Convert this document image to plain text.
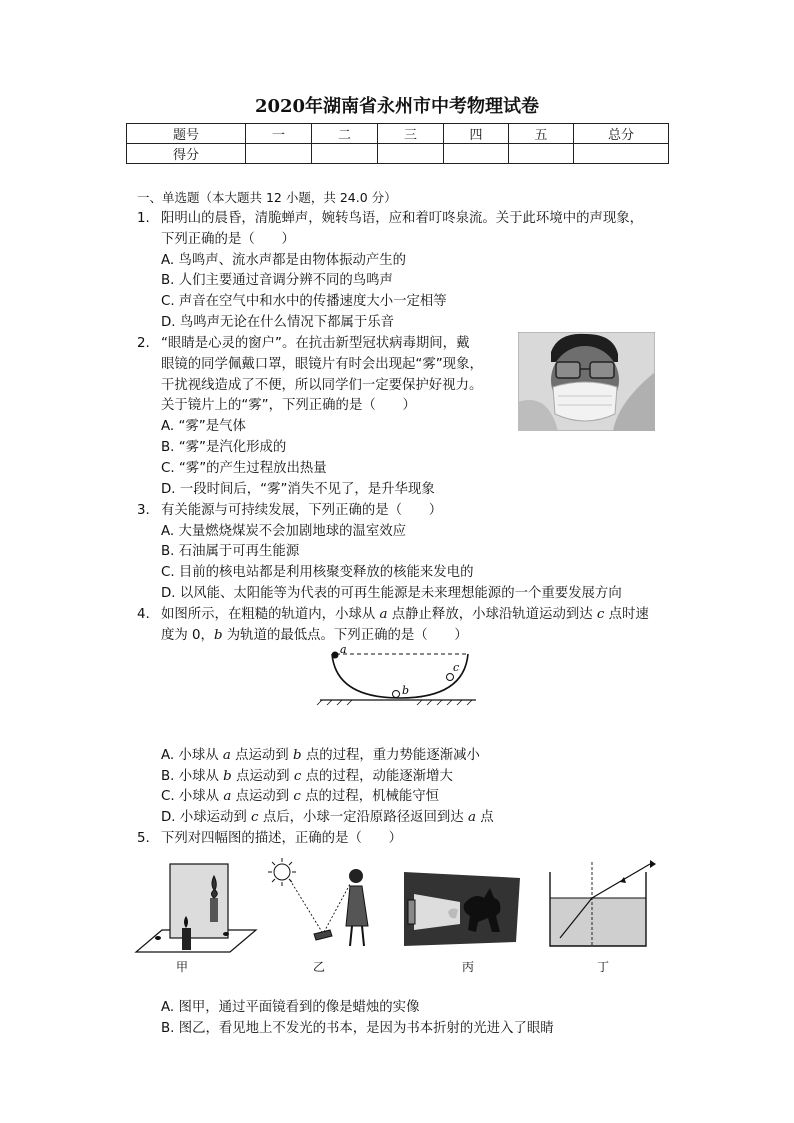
2020年湖南省永州市中考物理试卷
题号	一	二	三	四	五	总分
得分						
一、单选题（本大题共 12 小题，共 24.0 分）
1. 阳明山的晨昏，清脆蝉声，婉转鸟语，应和着叮咚泉流。关于此环境中的声现象，
下列正确的是（　　）
A. 鸟鸣声、流水声都是由物体振动产生的
B. 人们主要通过音调分辨不同的鸟鸣声
C. 声音在空气中和水中的传播速度大小一定相等
D. 鸟鸣声无论在什么情况下都属于乐音
2. “眼睛是心灵的窗户”。在抗击新型冠状病毒期间，戴
眼镜的同学佩戴口罩，眼镜片有时会出现起“雾”现象，
干扰视线造成了不便，所以同学们一定要保护好视力。
关于镜片上的“雾”，下列正确的是（　　）
A. “雾”是气体
B. “雾”是汽化形成的
C. “雾”的产生过程放出热量
D. 一段时间后，“雾”消失不见了，是升华现象
3. 有关能源与可持续发展，下列正确的是（　　）
A. 大量燃烧煤炭不会加剧地球的温室效应
B. 石油属于可再生能源
C. 目前的核电站都是利用核聚变释放的核能来发电的
D. 以风能、太阳能等为代表的可再生能源是未来理想能源的一个重要发展方向
4. 如图所示，在粗糙的轨道内，小球从 a 点静止释放，小球沿轨道运动到达 c 点时速
度为 0，b 为轨道的最低点。下列正确的是（　　）
a
b
c
A. 小球从 a 点运动到 b 点的过程，重力势能逐渐减小
B. 小球从 b 点运动到 c 点的过程，动能逐渐增大
C. 小球从 a 点运动到 c 点的过程，机械能守恒
D. 小球运动到 c 点后，小球一定沿原路径返回到达 a 点
5. 下列对四幅图的描述，正确的是（　　）
甲	乙	丙	丁
A. 图甲，通过平面镜看到的像是蜡烛的实像
B. 图乙，看见地上不发光的书本，是因为书本折射的光进入了眼睛
